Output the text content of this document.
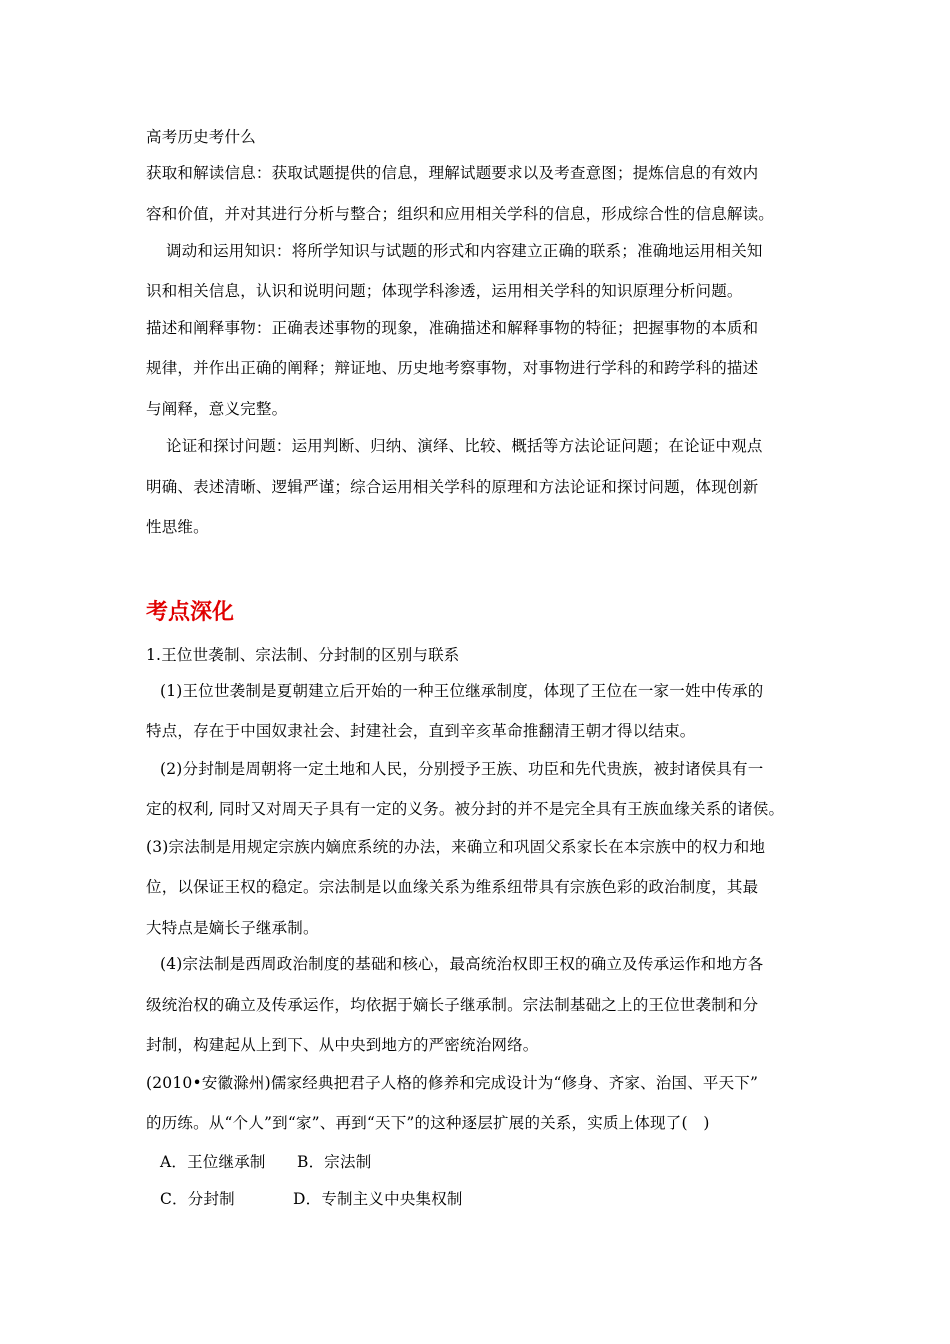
高考历史考什么
获取和解读信息：获取试题提供的信息，理解试题要求以及考查意图；提炼信息的有效内
容和价值，并对其进行分析与整合；组织和应用相关学科的信息，形成综合性的信息解读。
调动和运用知识：将所学知识与试题的形式和内容建立正确的联系；准确地运用相关知
识和相关信息，认识和说明问题；体现学科渗透，运用相关学科的知识原理分析问题。
描述和阐释事物：正确表述事物的现象，准确描述和解释事物的特征；把握事物的本质和
规律，并作出正确的阐释；辩证地、历史地考察事物，对事物进行学科的和跨学科的描述
与阐释，意义完整。
论证和探讨问题：运用判断、归纳、演绎、比较、概括等方法论证问题；在论证中观点
明确、表述清晰、逻辑严谨；综合运用相关学科的原理和方法论证和探讨问题，体现创新
性思维。
考点深化
1.王位世袭制、宗法制、分封制的区别与联系
(1)王位世袭制是夏朝建立后开始的一种王位继承制度，体现了王位在一家一姓中传承的
特点，存在于中国奴隶社会、封建社会，直到辛亥革命推翻清王朝才得以结束。
(2)分封制是周朝将一定土地和人民，分别授予王族、功臣和先代贵族，被封诸侯具有一
定的权利, 同时又对周天子具有一定的义务。被分封的并不是完全具有王族血缘关系的诸侯。
(3)宗法制是用规定宗族内嫡庶系统的办法，来确立和巩固父系家长在本宗族中的权力和地
位，以保证王权的稳定。宗法制是以血缘关系为维系纽带具有宗族色彩的政治制度，其最
大特点是嫡长子继承制。
(4)宗法制是西周政治制度的基础和核心，最高统治权即王权的确立及传承运作和地方各
级统治权的确立及传承运作，均依据于嫡长子继承制。宗法制基础之上的王位世袭制和分
封制，构建起从上到下、从中央到地方的严密统治网络。
(2010•安徽滁州)儒家经典把君子人格的修养和完成设计为“修身、齐家、治国、平天下”
的历练。从“个人”到“家”、再到“天下”的这种逐层扩展的关系，实质上体现了(　)
A．王位继承制 B．宗法制
C．分封制	D．专制主义中央集权制
